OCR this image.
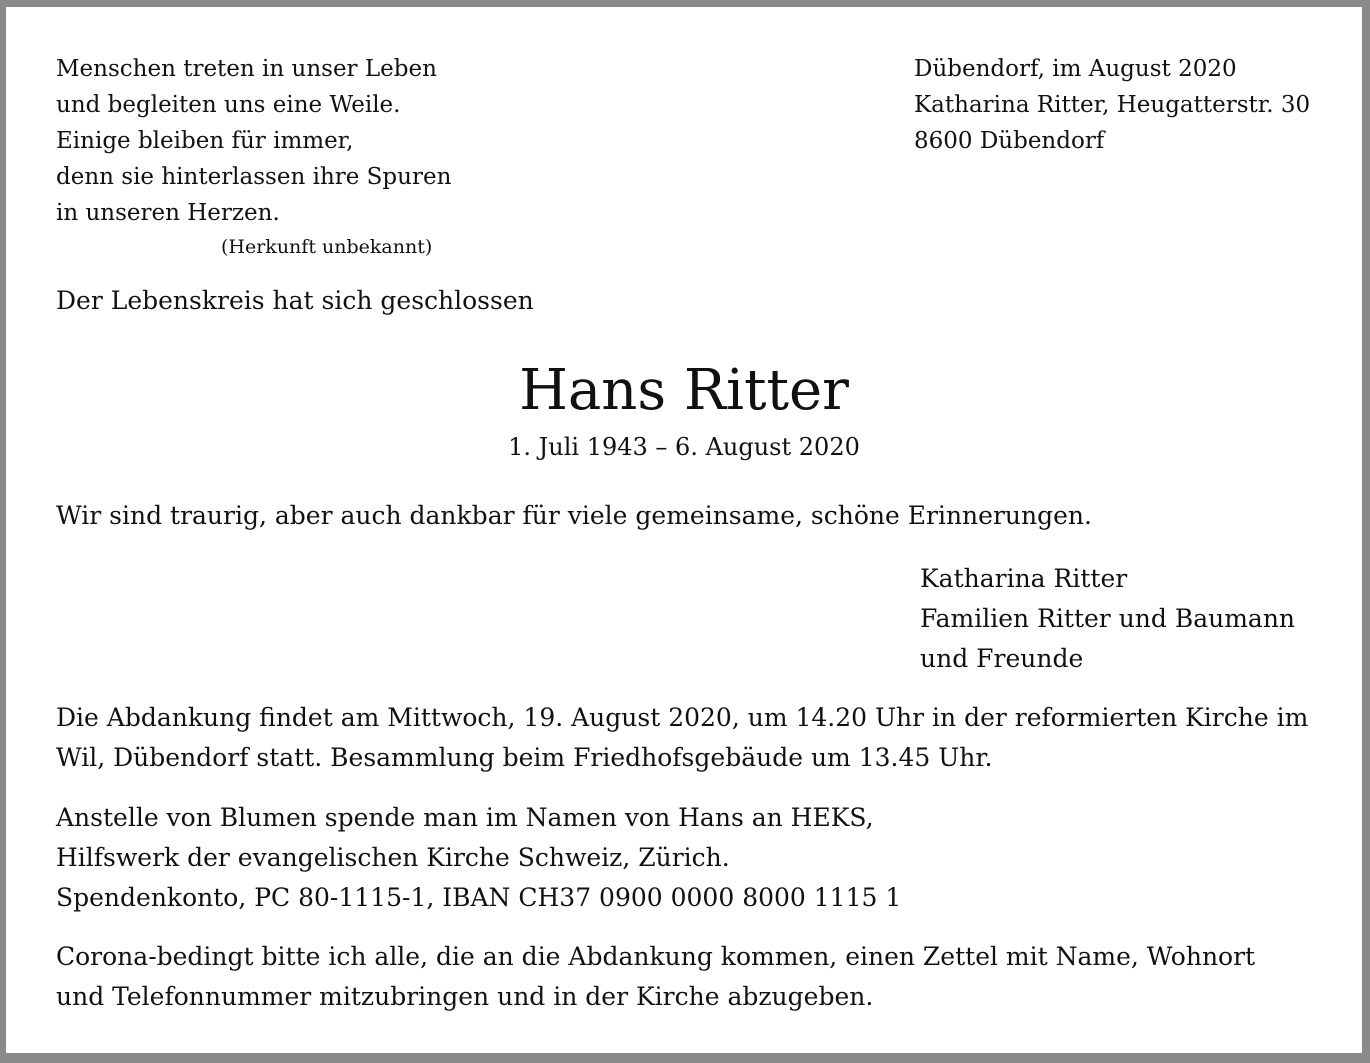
Menschen treten in unser Leben
und begleiten uns eine Weile.
Einige bleiben für immer,
denn sie hinterlassen ihre Spuren
in unseren Herzen.
(Herkunft unbekannt)
Dübendorf, im August 2020
Katharina Ritter, Heugatterstr. 30
8600 Dübendorf
Der Lebenskreis hat sich geschlossen
Hans Ritter
1. Juli 1943 – 6. August 2020
Wir sind traurig, aber auch dankbar für viele gemeinsame, schöne Erinnerungen.
Katharina Ritter
Familien Ritter und Baumann
und Freunde
Die Abdankung findet am Mittwoch, 19. August 2020, um 14.20 Uhr in der reformierten Kirche im
Wil, Dübendorf statt. Besammlung beim Friedhofsgebäude um 13.45 Uhr.
Anstelle von Blumen spende man im Namen von Hans an HEKS,
Hilfswerk der evangelischen Kirche Schweiz, Zürich.
Spendenkonto, PC 80-1115-1, IBAN CH37 0900 0000 8000 1115 1
Corona-bedingt bitte ich alle, die an die Abdankung kommen, einen Zettel mit Name, Wohnort
und Telefonnummer mitzubringen und in der Kirche abzugeben.
